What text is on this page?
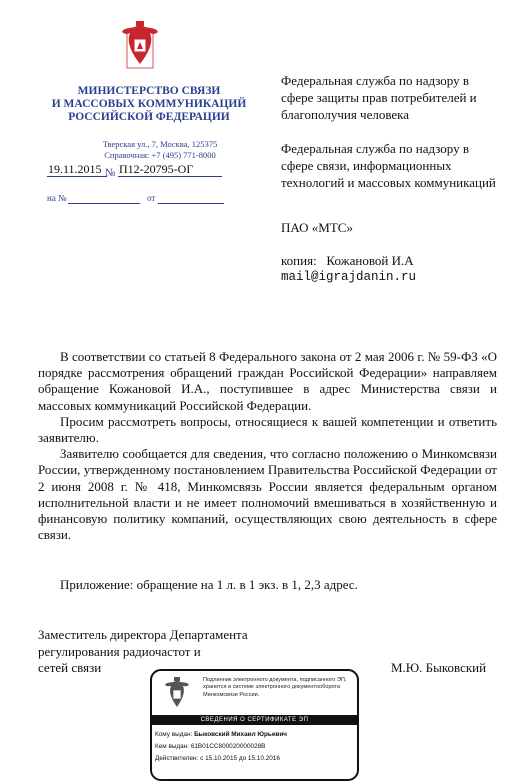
МИНИСТЕРСТВО СВЯЗИ
И МАССОВЫХ КОММУНИКАЦИЙ
РОССИЙСКОЙ ФЕДЕРАЦИИ
Тверская ул., 7, Москва, 125375
Справочная: +7 (495) 771-8000
19.11.2015 № П12-20795-ОГ
на №	от
Федеральная служба по надзору в сфере защиты прав потребителей и благополучия человека
Федеральная служба по надзору в сфере связи, информационных технологий и массовых коммуникаций
ПАО «МТС»
копия: Кожановой И.А
mail@igrajdanin.ru

В соответствии со статьей 8 Федерального закона от 2 мая 2006 г. № 59-ФЗ «О порядке рассмотрения обращений граждан Российской Федерации» направляем обращение Кожановой И.А., поступившее в адрес Министерства связи и массовых коммуникаций Российской Федерации.

Просим рассмотреть вопросы, относящиеся к вашей компетенции и ответить заявителю.

Заявителю сообщается для сведения, что согласно положению о Минкомсвязи России, утвержденному постановлением Правительства Российской Федерации от 2 июня 2008 г. № 418, Минкомсвязь России является федеральным органом исполнительной власти и не имеет полномочий вмешиваться в хозяйственную и финансовую политику компаний, осуществляющих свою деятельность в сфере связи.

Приложение: обращение на 1 л. в 1 экз. в 1, 2,3 адрес.
Заместитель директора Департамента
регулирования радиочастот и
сетей связи	М.Ю. Быковский
Подлинник электронного документа, подписанного ЭП, хранится в системе электронного документооборота Минкомсвязи России.
СВЕДЕНИЯ О СЕРТИФИКАТЕ ЭП
Кому выдан: Быковский Михаил Юрьевич
Кем выдан: 61B01CC800020000028B
Действителен: с 15.10.2015 до 15.10.2016
